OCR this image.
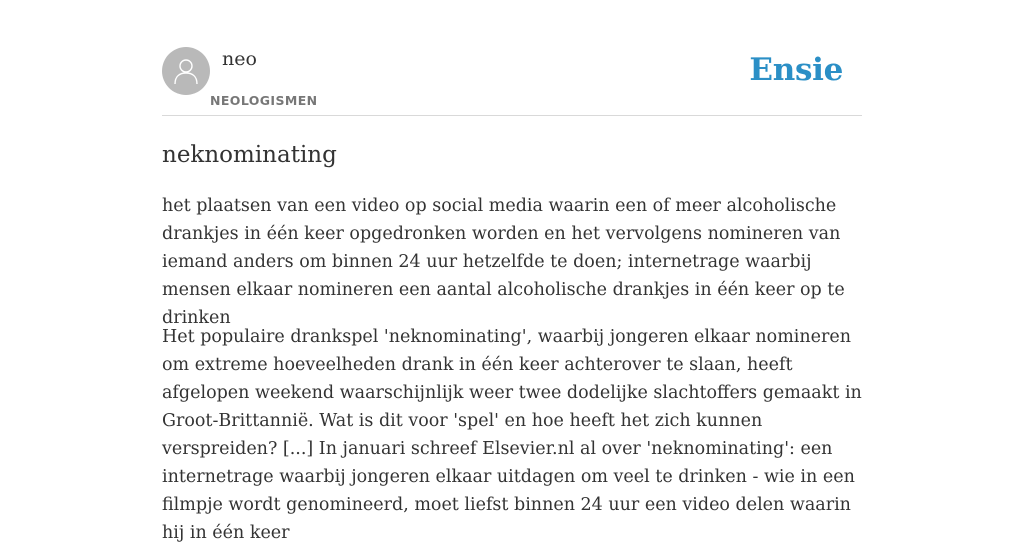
neo
NEOLOGISMEN
Ensie
neknominating

het plaatsen van een video op social media waarin een of meer alcoholische drankjes in één keer opgedronken worden en het vervolgens nomineren van iemand anders om binnen 24 uur hetzelfde te doen; internetrage waarbij mensen elkaar nomineren een aantal alcoholische drankjes in één keer op te drinken

Het populaire drankspel 'neknominating', waarbij jongeren elkaar nomineren om extreme hoeveelheden drank in één keer achterover te slaan, heeft afgelopen weekend waarschijnlijk weer twee dodelijke slachtoffers gemaakt in Groot-Brittannië. Wat is dit voor 'spel' en hoe heeft het zich kunnen verspreiden? [...] In januari schreef Elsevier.nl al over 'neknominating': een internetrage waarbij jongeren elkaar uitdagen om veel te drinken - wie in een filmpje wordt genomineerd, moet liefst binnen 24 uur een video delen waarin hij in één keer
